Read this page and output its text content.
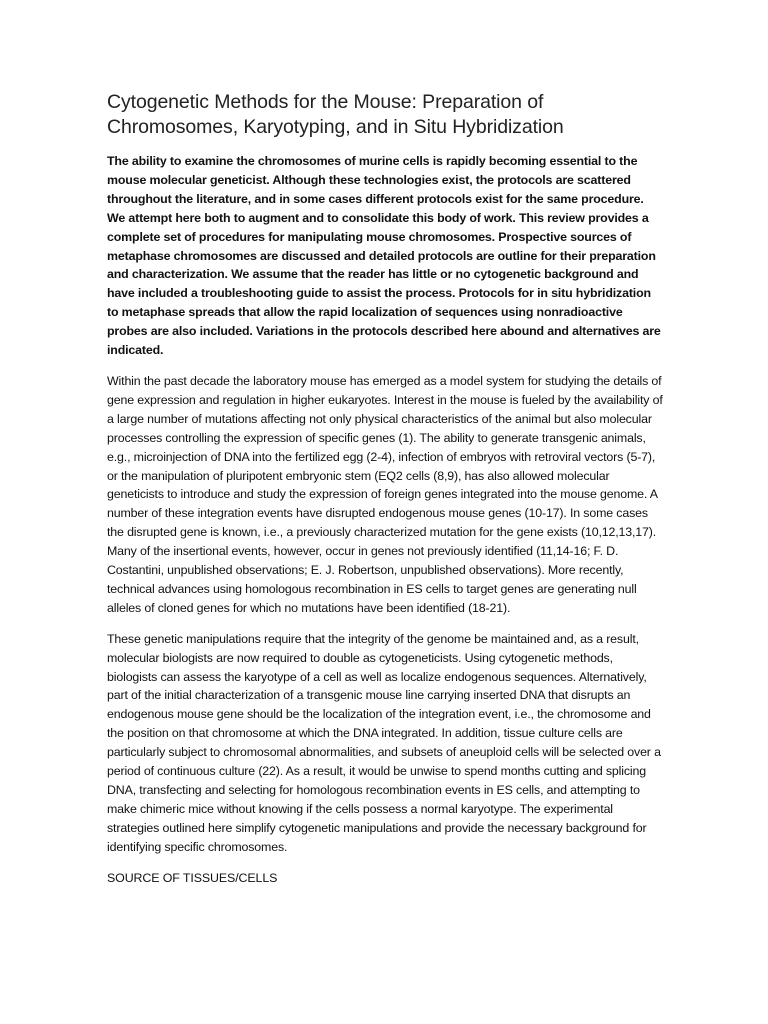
Cytogenetic Methods for the Mouse: Preparation of Chromosomes, Karyotyping, and in Situ Hybridization

The ability to examine the chromosomes of murine cells is rapidly becoming essential to the mouse molecular geneticist. Although these technologies exist, the protocols are scattered throughout the literature, and in some cases different protocols exist for the same procedure. We attempt here both to augment and to consolidate this body of work. This review provides a complete set of procedures for manipulating mouse chromosomes. Prospective sources of metaphase chromosomes are discussed and detailed protocols are outline for their preparation and characterization. We assume that the reader has little or no cytogenetic background and have included a troubleshooting guide to assist the process. Protocols for in situ hybridization to metaphase spreads that allow the rapid localization of sequences using nonradioactive probes are also included. Variations in the protocols described here abound and alternatives are indicated.

Within the past decade the laboratory mouse has emerged as a model system for studying the details of gene expression and regulation in higher eukaryotes. Interest in the mouse is fueled by the availability of a large number of mutations affecting not only physical characteristics of the animal but also molecular processes controlling the expression of specific genes (1). The ability to generate transgenic animals, e.g., microinjection of DNA into the fertilized egg (2-4), infection of embryos with retroviral vectors (5-7), or the manipulation of pluripotent embryonic stem (EQ2 cells (8,9), has also allowed molecular geneticists to introduce and study the expression of foreign genes integrated into the mouse genome. A number of these integration events have disrupted endogenous mouse genes (10-17). In some cases the disrupted gene is known, i.e., a previously characterized mutation for the gene exists (10,12,13,17). Many of the insertional events, however, occur in genes not previously identified (11,14-16; F. D. Costantini, unpublished observations; E. J. Robertson, unpublished observations). More recently, technical advances using homologous recombination in ES cells to target genes are generating null alleles of cloned genes for which no mutations have been identified (18-21).

These genetic manipulations require that the integrity of the genome be maintained and, as a result, molecular biologists are now required to double as cytogeneticists. Using cytogenetic methods, biologists can assess the karyotype of a cell as well as localize endogenous sequences. Alternatively, part of the initial characterization of a transgenic mouse line carrying inserted DNA that disrupts an endogenous mouse gene should be the localization of the integration event, i.e., the chromosome and the position on that chromosome at which the DNA integrated. In addition, tissue culture cells are particularly subject to chromosomal abnormalities, and subsets of aneuploid cells will be selected over a period of continuous culture (22). As a result, it would be unwise to spend months cutting and splicing DNA, transfecting and selecting for homologous recombination events in ES cells, and attempting to make chimeric mice without knowing if the cells possess a normal karyotype. The experimental strategies outlined here simplify cytogenetic manipulations and provide the necessary background for identifying specific chromosomes.

SOURCE OF TISSUES/CELLS
